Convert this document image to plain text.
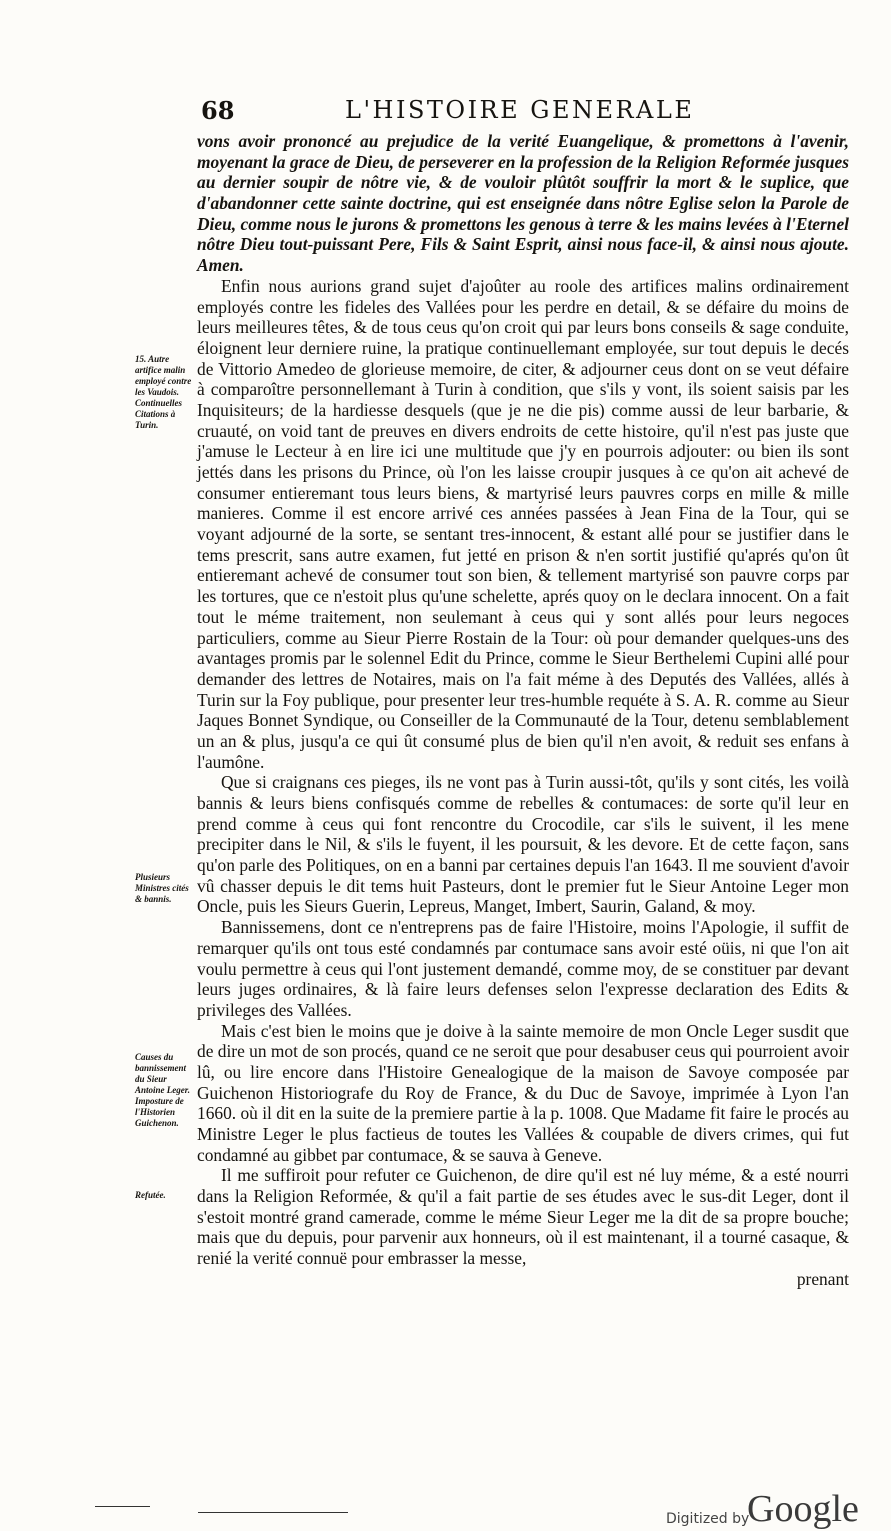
68	L'HISTOIRE GENERALE

vons avoir prononcé au prejudice de la verité Euangelique, & promettons à l'avenir, moyenant la grace de Dieu, de perseverer en la profession de la Religion Reformée jusques au dernier soupir de nôtre vie, & de vouloir plûtôt souffrir la mort & le suplice, que d'abandonner cette sainte doctrine, qui est enseignée dans nôtre Eglise selon la Parole de Dieu, comme nous le jurons & promettons les genous à terre & les mains levées à l'Eternel nôtre Dieu tout-puissant Pere, Fils & Saint Esprit, ainsi nous face-il, & ainsi nous ajoute. Amen.

Enfin nous aurions grand sujet d'ajoûter au roole des artifices malins ordinairement employés contre les fideles des Vallées pour les perdre en detail, & se défaire du moins de leurs meilleures têtes, & de tous ceus qu'on croit qui par leurs bons conseils & sage conduite, éloignent leur derniere ruine, la pratique continuellemant employée, sur tout depuis le decés de Vittorio Amedeo de glorieuse memoire, de citer, & adjourner ceus dont on se veut défaire à comparoître personnellemant à Turin à condition, que s'ils y vont, ils soient saisis par les Inquisiteurs; de la hardiesse desquels (que je ne die pis) comme aussi de leur barbarie, & cruauté, on void tant de preuves en divers endroits de cette histoire, qu'il n'est pas juste que j'amuse le Lecteur à en lire ici une multitude que j'y en pourrois adjouter: ou bien ils sont jettés dans les prisons du Prince, où l'on les laisse croupir jusques à ce qu'on ait achevé de consumer entieremant tous leurs biens, & martyrisé leurs pauvres corps en mille & mille manieres. Comme il est encore arrivé ces années passées à Jean Fina de la Tour, qui se voyant adjourné de la sorte, se sentant tres-innocent, & estant allé pour se justifier dans le tems prescrit, sans autre examen, fut jetté en prison & n'en sortit justifié qu'aprés qu'on ût entieremant achevé de consumer tout son bien, & tellement martyrisé son pauvre corps par les tortures, que ce n'estoit plus qu'une schelette, aprés quoy on le declara innocent. On a fait tout le méme traitement, non seulemant à ceus qui y sont allés pour leurs negoces particuliers, comme au Sieur Pierre Rostain de la Tour: où pour demander quelques-uns des avantages promis par le solennel Edit du Prince, comme le Sieur Berthelemi Cupini allé pour demander des lettres de Notaires, mais on l'a fait méme à des Deputés des Vallées, allés à Turin sur la Foy publique, pour presenter leur tres-humble requéte à S. A. R. comme au Sieur Jaques Bonnet Syndique, ou Conseiller de la Communauté de la Tour, detenu semblablement un an & plus, jusqu'a ce qui ût consumé plus de bien qu'il n'en avoit, & reduit ses enfans à l'aumône.

Que si craignans ces pieges, ils ne vont pas à Turin aussi-tôt, qu'ils y sont cités, les voilà bannis & leurs biens confisqués comme de rebelles & contumaces: de sorte qu'il leur en prend comme à ceus qui font rencontre du Crocodile, car s'ils le suivent, il les mene precipiter dans le Nil, & s'ils le fuyent, il les poursuit, & les devore. Et de cette façon, sans qu'on parle des Politiques, on en a banni par certaines depuis l'an 1643. Il me souvient d'avoir vû chasser depuis le dit tems huit Pasteurs, dont le premier fut le Sieur Antoine Leger mon Oncle, puis les Sieurs Guerin, Lepreus, Manget, Imbert, Saurin, Galand, & moy.

Bannissemens, dont ce n'entreprens pas de faire l'Histoire, moins l'Apologie, il suffit de remarquer qu'ils ont tous esté condamnés par contumace sans avoir esté oüis, ni que l'on ait voulu permettre à ceus qui l'ont justement demandé, comme moy, de se constituer par devant leurs juges ordinaires, & là faire leurs defenses selon l'expresse declaration des Edits & privileges des Vallées.

Mais c'est bien le moins que je doive à la sainte memoire de mon Oncle Leger susdit que de dire un mot de son procés, quand ce ne seroit que pour desabuser ceus qui pourroient avoir lû, ou lire encore dans l'Histoire Genealogique de la maison de Savoye composée par Guichenon Historiografe du Roy de France, & du Duc de Savoye, imprimée à Lyon l'an 1660. où il dit en la suite de la premiere partie à la p. 1008. Que Madame fit faire le procés au Ministre Leger le plus factieus de toutes les Vallées & coupable de divers crimes, qui fut condamné au gibbet par contumace, & se sauva à Geneve.

Il me suffiroit pour refuter ce Guichenon, de dire qu'il est né luy méme, & a esté nourri dans la Religion Reformée, & qu'il a fait partie de ses études avec le sus-dit Leger, dont il s'estoit montré grand camerade, comme le méme Sieur Leger me la dit de sa propre bouche; mais que du depuis, pour parvenir aux honneurs, où il est maintenant, il a tourné casaque, & renié la verité connuë pour embrasser la messe,

prenant

15. Autre artifice malin employé contre les Vaudois. Continuelles Citations à Turin.
Plusieurs Ministres cités & bannis.
Causes du bannissement du Sieur Antoine Leger. Imposture de l'Historien Guichenon.
Refutée.
Digitized by
Google
